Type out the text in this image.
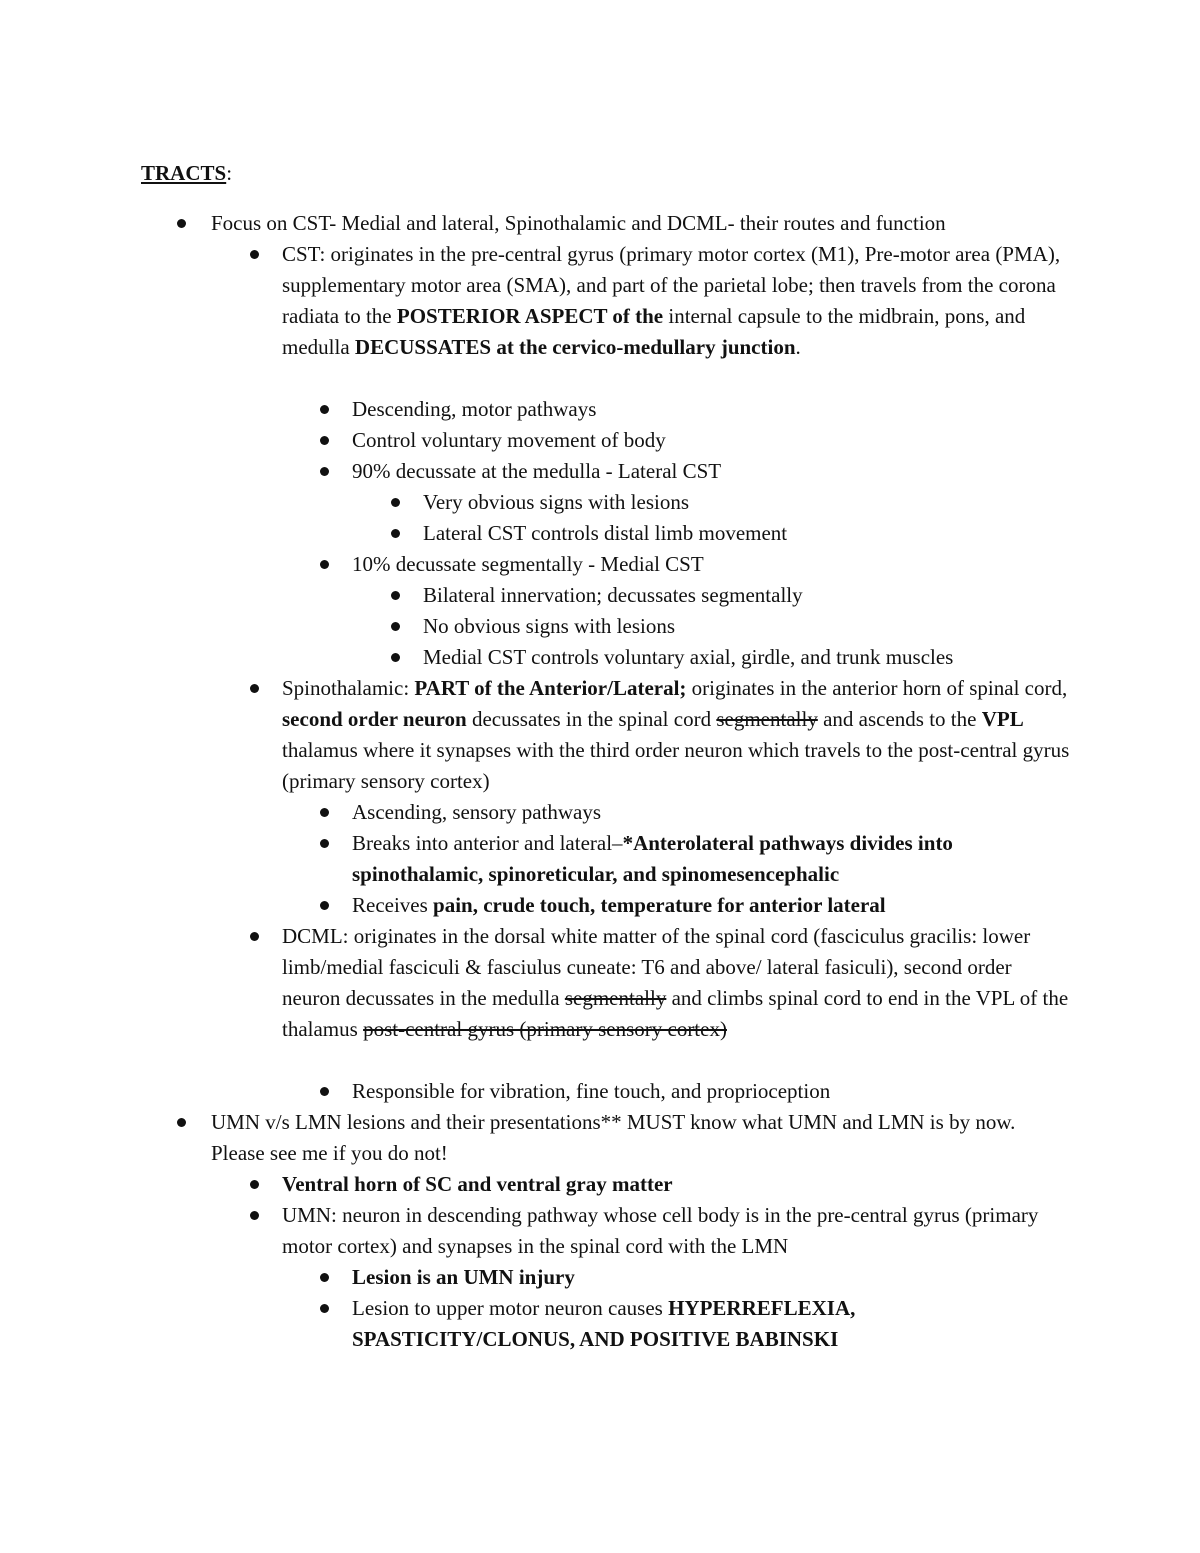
TRACTS:

Focus on CST- Medial and lateral, Spinothalamic and DCML- their routes and function

CST: originates in the pre-central gyrus (primary motor cortex (M1), Pre-motor area (PMA), supplementary motor area (SMA), and part of the parietal lobe; then travels from the corona radiata to the POSTERIOR ASPECT of the internal capsule to the midbrain, pons, and medulla DECUSSATES at the cervico-medullary junction.

Descending, motor pathways

Control voluntary movement of body

90% decussate at the medulla - Lateral CST

Very obvious signs with lesions

Lateral CST controls distal limb movement

10% decussate segmentally - Medial CST

Bilateral innervation; decussates segmentally

No obvious signs with lesions

Medial CST controls voluntary axial, girdle, and trunk muscles

Spinothalamic: PART of the Anterior/Lateral; originates in the anterior horn of spinal cord, second order neuron decussates in the spinal cord segmentally and ascends to the VPL thalamus where it synapses with the third order neuron which travels to the post-central gyrus (primary sensory cortex)

Ascending, sensory pathways

Breaks into anterior and lateral–*Anterolateral pathways divides into spinothalamic, spinoreticular, and spinomesencephalic

Receives pain, crude touch, temperature for anterior lateral

DCML: originates in the dorsal white matter of the spinal cord (fasciculus gracilis: lower limb/medial fasciculi & fasciulus cuneate: T6 and above/ lateral fasiculi), second order neuron decussates in the medulla segmentally and climbs spinal cord to end in the VPL of the thalamus post-central gyrus (primary sensory cortex)

Responsible for vibration, fine touch, and proprioception

UMN v/s LMN lesions and their presentations** MUST know what UMN and LMN is by now. Please see me if you do not!

Ventral horn of SC and ventral gray matter

UMN: neuron in descending pathway whose cell body is in the pre-central gyrus (primary motor cortex) and synapses in the spinal cord with the LMN

Lesion is an UMN injury

Lesion to upper motor neuron causes HYPERREFLEXIA, SPASTICITY/CLONUS, AND POSITIVE BABINSKI
